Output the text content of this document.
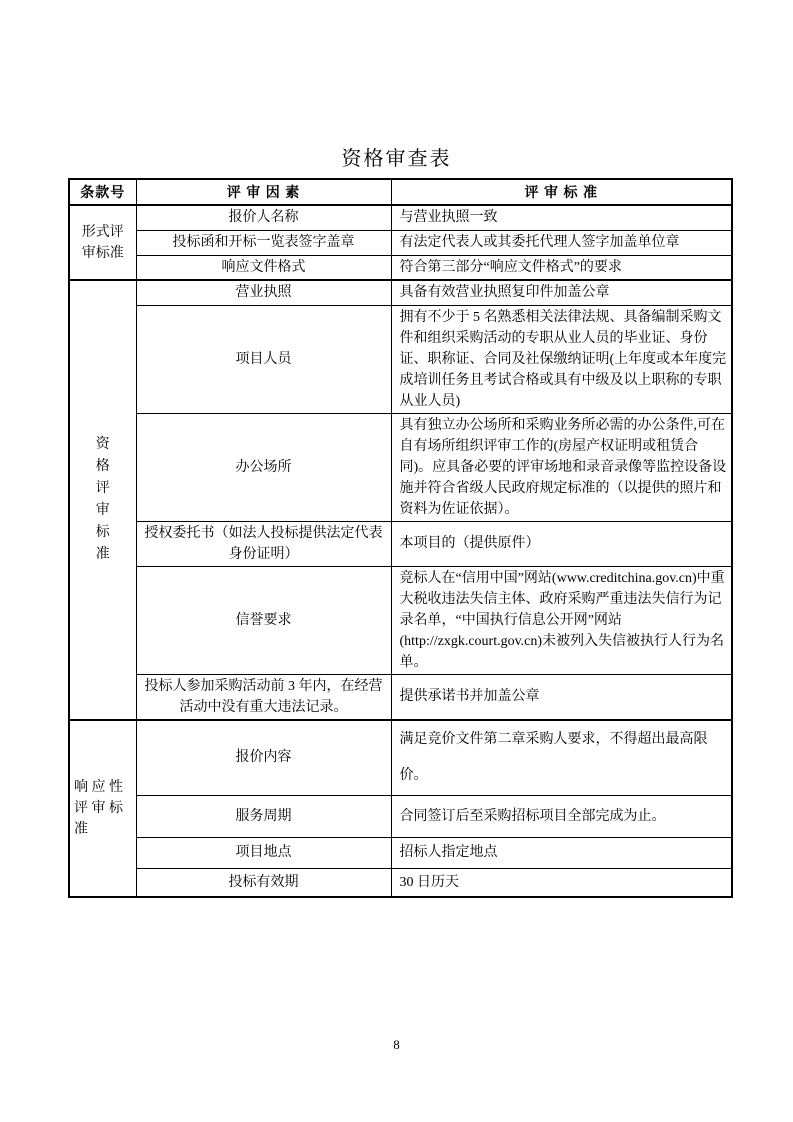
资格审查表
条款号	评 审 因 素	评 审 标 准

形式评
审标准	报价人名称	与营业执照一致
	投标函和开标一览表签字盖章	有法定代表人或其委托代理人签字加盖单位章
	响应文件格式	符合第三部分“响应文件格式”的要求

资
格
评
审
标
准
	营业执照	具备有效营业执照复印件加盖公章
	项目人员	拥有不少于 5 名熟悉相关法律法规、具备编制采购文件和组织采购活动的专职从业人员的毕业证、身份证、职称证、合同及社保缴纳证明(上年度或本年度完成培训任务且考试合格或具有中级及以上职称的专职从业人员)
	办公场所	具有独立办公场所和采购业务所必需的办公条件,可在自有场所组织评审工作的(房屋产权证明或租赁合同)。应具备必要的评审场地和录音录像等监控设备设施并符合省级人民政府规定标准的（以提供的照片和资料为佐证依据）。
	授权委托书（如法人投标提供法定代表身份证明）	本项目的（提供原件）
	信誉要求	竞标人在“信用中国”网站(www.creditchina.gov.cn)中重大税收违法失信主体、政府采购严重违法失信行为记录名单，“中国执行信息公开网”网站(http://zxgk.court.gov.cn)未被列入失信被执行人行为名单。
	投标人参加采购活动前 3 年内，在经营活动中没有重大违法记录。	提供承诺书并加盖公章

响 应 性
评 审 标
准	报价内容	满足竞价文件第二章采购人要求，不得超出最高限价。
	服务周期	合同签订后至采购招标项目全部完成为止。
	项目地点	招标人指定地点
	投标有效期	30 日历天
8
